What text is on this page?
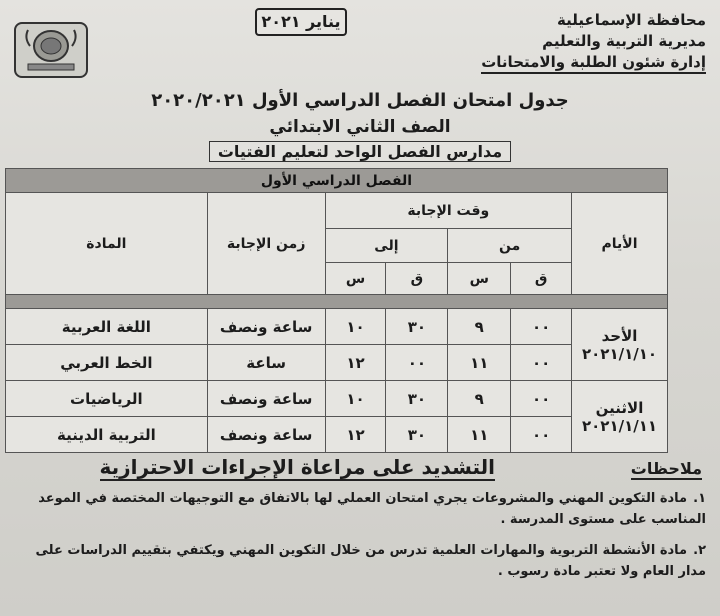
محافظة الإسماعيلية
مديرية التربية والتعليم
إدارة شئون الطلبة والامتحانات
يناير ٢٠٢١
جدول امتحان الفصل الدراسي الأول ٢٠٢٠/٢٠٢١
الصف الثاني الابتدائي
مدارس الفصل الواحد لتعليم الفتيات
الفصل الدراسي الأول						
الأيام	وقت الإجابة				زمن الإجابة	المادة
	من		إلى			
	ق	س	ق	س		

الأحد
٢٠٢١/١/١٠	٠٠	٩	٣٠	١٠	ساعة ونصف	اللغة العربية
	٠٠	١١	٠٠	١٢	ساعة	الخط العربي

الاثنين
٢٠٢١/١/١١	٠٠	٩	٣٠	١٠	ساعة ونصف	الرياضيات
	٠٠	١١	٣٠	١٢	ساعة ونصف	التربية الدينية
ملاحظات
التشديد على مراعاة الإجراءات الاحترازية
١.مادة التكوين المهني والمشروعات يجري امتحان العملي لها بالاتفاق مع التوجيهات المختصة في الموعد المناسب على مستوى المدرسة .
٢.مادة الأنشطة التربوية والمهارات العلمية تدرس من خلال التكوين المهني ويكتفي بتقييم الدراسات على مدار العام ولا تعتبر مادة رسوب .
